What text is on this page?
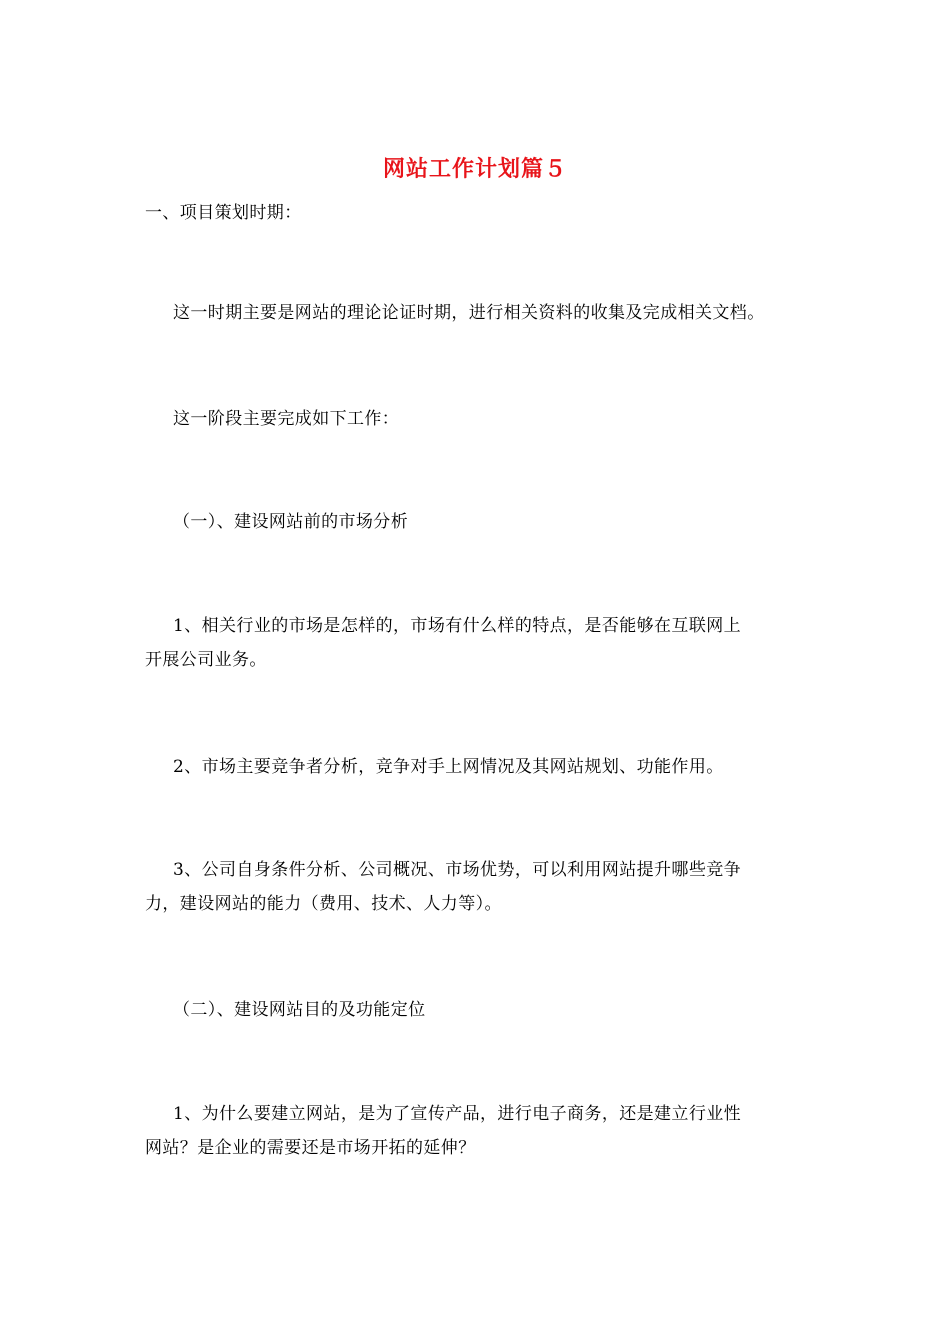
网站工作计划篇５

一、项目策划时期：

这一时期主要是网站的理论论证时期，进行相关资料的收集及完成相关文档。

这一阶段主要完成如下工作：

（一）、建设网站前的市场分析

1、相关行业的市场是怎样的，市场有什么样的特点，是否能够在互联网上
开展公司业务。

2、市场主要竞争者分析，竞争对手上网情况及其网站规划、功能作用。

3、公司自身条件分析、公司概况、市场优势，可以利用网站提升哪些竞争
力，建设网站的能力（费用、技术、人力等）。

（二）、建设网站目的及功能定位

1、为什么要建立网站，是为了宣传产品，进行电子商务，还是建立行业性
网站？是企业的需要还是市场开拓的延伸？
